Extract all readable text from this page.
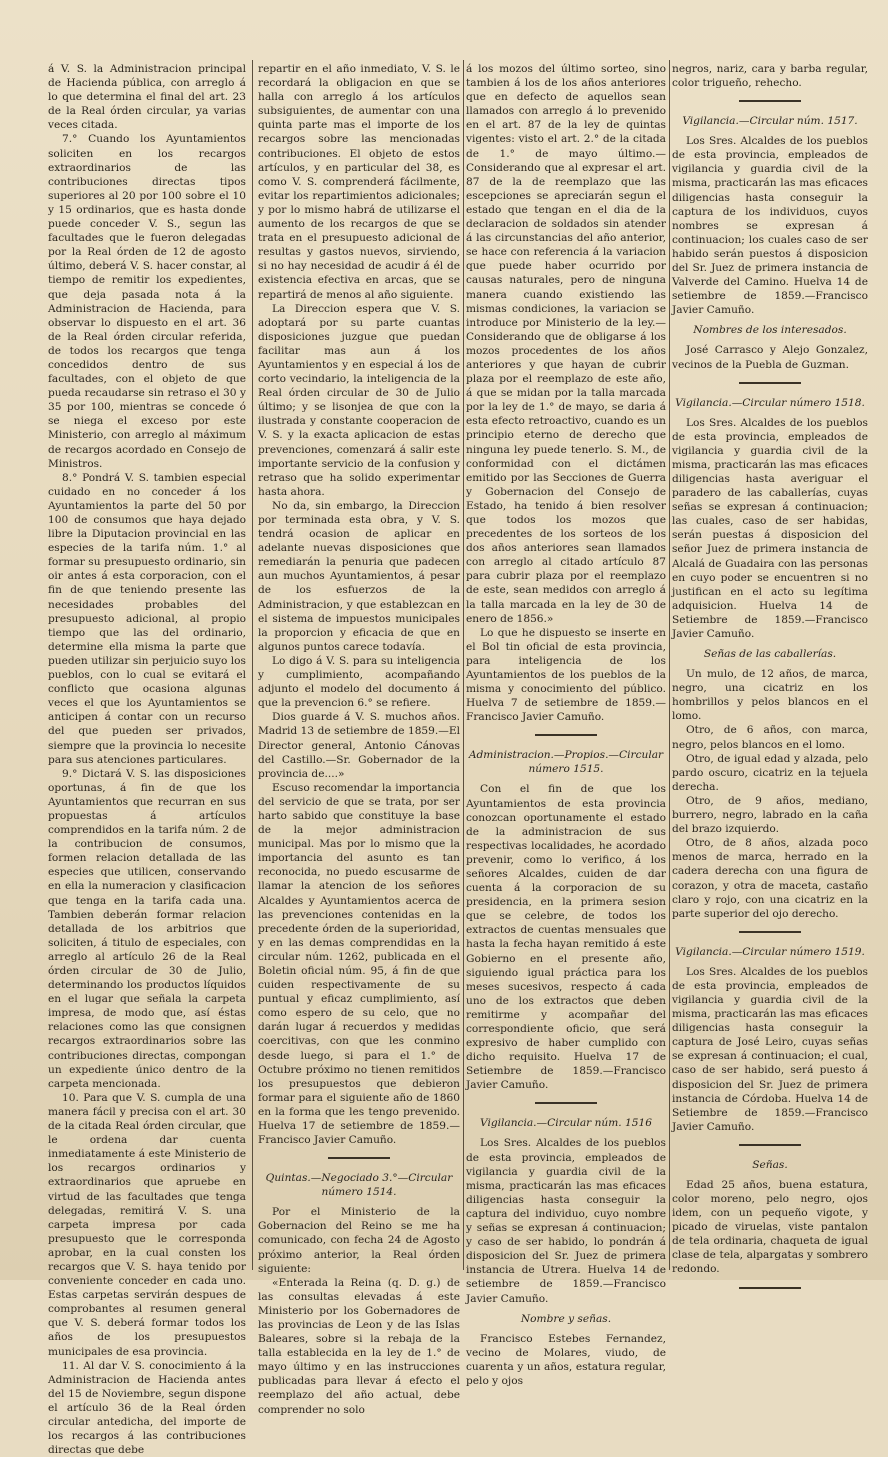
á V. S. la Administracion principal de Hacienda pública, con arreglo á lo que determina el final del art. 23 de la Real órden circular, ya varias veces citada.

7.° Cuando los Ayuntamientos soliciten en los recargos extraordinarios de las contribuciones directas tipos superiores al 20 por 100 sobre el 10 y 15 ordinarios, que es hasta donde puede conceder V. S., segun las facultades que le fueron delegadas por la Real órden de 12 de agosto último, deberá V. S. hacer constar, al tiempo de remitir los expedientes, que deja pasada nota á la Administracion de Hacienda, para observar lo dispuesto en el art. 36 de la Real órden circular referida, de todos los recargos que tenga concedidos dentro de sus facultades, con el objeto de que pueda recaudarse sin retraso el 30 y 35 por 100, mientras se concede ó se niega el exceso por este Ministerio, con arreglo al máximum de recargos acordado en Consejo de Ministros.

8.° Pondrá V. S. tambien especial cuidado en no conceder á los Ayuntamientos la parte del 50 por 100 de consumos que haya dejado libre la Diputacion provincial en las especies de la tarifa núm. 1.° al formar su presupuesto ordinario, sin oir antes á esta corporacion, con el fin de que teniendo presente las necesidades probables del presupuesto adicional, al propio tiempo que las del ordinario, determine ella misma la parte que pueden utilizar sin perjuicio suyo los pueblos, con lo cual se evitará el conflicto que ocasiona algunas veces el que los Ayuntamientos se anticipen á contar con un recurso del que pueden ser privados, siempre que la provincia lo necesite para sus atenciones particulares.

9.° Dictará V. S. las disposiciones oportunas, á fin de que los Ayuntamientos que recurran en sus propuestas á artículos comprendidos en la tarifa núm. 2 de la contribucion de consumos, formen relacion detallada de las especies que utilicen, conservando en ella la numeracion y clasificacion que tenga en la tarifa cada una. Tambien deberán formar relacion detallada de los arbitrios que soliciten, á titulo de especiales, con arreglo al artículo 26 de la Real órden circular de 30 de Julio, determinando los productos líquidos en el lugar que señala la carpeta impresa, de modo que, así éstas relaciones como las que consignen recargos extraordinarios sobre las contribuciones directas, compongan un expediente único dentro de la carpeta mencionada.

10. Para que V. S. cumpla de una manera fácil y precisa con el art. 30 de la citada Real órden circular, que le ordena dar cuenta inmediatamente á este Ministerio de los recargos ordinarios y extraordinarios que apruebe en virtud de las facultades que tenga delegadas, remitirá V. S. una carpeta impresa por cada presupuesto que le corresponda aprobar, en la cual consten los recargos que V. S. haya tenido por conveniente conceder en cada uno. Estas carpetas servirán despues de comprobantes al resumen general que V. S. deberá formar todos los años de los presupuestos municipales de esa provincia.

11. Al dar V. S. conocimiento á la Administracion de Hacienda antes del 15 de Noviembre, segun dispone el artículo 36 de la Real órden circular antedicha, del importe de los recargos á las contribuciones directas que debe

repartir en el año inmediato, V. S. le recordará la obligacion en que se halla con arreglo á los artículos subsiguientes, de aumentar con una quinta parte mas el importe de los recargos sobre las mencionadas contribuciones. El objeto de estos artículos, y en particular del 38, es como V. S. comprenderá fácilmente, evitar los repartimientos adicionales; y por lo mismo habrá de utilizarse el aumento de los recargos de que se trata en el presupuesto adicional de resultas y gastos nuevos, sirviendo, si no hay necesidad de acudir á él de existencia efectiva en arcas, que se repartirá de menos al año siguiente.

La Direccion espera que V. S. adoptará por su parte cuantas disposiciones juzgue que puedan facilitar mas aun á los Ayuntamientos y en especial á los de corto vecindario, la inteligencia de la Real órden circular de 30 de Julio último; y se lisonjea de que con la ilustrada y constante cooperacion de V. S. y la exacta aplicacion de estas prevenciones, comenzará á salir este importante servicio de la confusion y retraso que ha solido experimentar hasta ahora.

No da, sin embargo, la Direccion por terminada esta obra, y V. S. tendrá ocasion de aplicar en adelante nuevas disposiciones que remediarán la penuria que padecen aun muchos Ayuntamientos, á pesar de los esfuerzos de la Administracion, y que establezcan en el sistema de impuestos municipales la proporcion y eficacia de que en algunos puntos carece todavía.

Lo digo á V. S. para su inteligencia y cumplimiento, acompañando adjunto el modelo del documento á que la prevencion 6.° se refiere.

Dios guarde á V. S. muchos años. Madrid 13 de setiembre de 1859.—El Director general, Antonio Cánovas del Castillo.—Sr. Gobernador de la provincia de....»

Escuso recomendar la importancia del servicio de que se trata, por ser harto sabido que constituye la base de la mejor administracion municipal. Mas por lo mismo que la importancia del asunto es tan reconocida, no puedo escusarme de llamar la atencion de los señores Alcaldes y Ayuntamientos acerca de las prevenciones contenidas en la precedente órden de la superioridad, y en las demas comprendidas en la circular núm. 1262, publicada en el Boletin oficial núm. 95, á fin de que cuiden respectivamente de su puntual y eficaz cumplimiento, así como espero de su celo, que no darán lugar á recuerdos y medidas coercitivas, con que les conmino desde luego, si para el 1.° de Octubre próximo no tienen remitidos los presupuestos que debieron formar para el siguiente año de 1860 en la forma que les tengo prevenido. Huelva 17 de setiembre de 1859.—Francisco Javier Camuño.

Quintas.—Negociado 3.°—Circular número 1514.

Por el Ministerio de la Gobernacion del Reino se me ha comunicado, con fecha 24 de Agosto próximo anterior, la Real órden siguiente:

«Enterada la Reina (q. D. g.) de las consultas elevadas á este Ministerio por los Gobernadores de las provincias de Leon y de las Islas Baleares, sobre si la rebaja de la talla establecida en la ley de 1.° de mayo último y en las instrucciones publicadas para llevar á efecto el reemplazo del año actual, debe comprender no solo

á los mozos del último sorteo, sino tambien á los de los años anteriores que en defecto de aquellos sean llamados con arreglo á lo prevenido en el art. 87 de la ley de quintas vigentes: visto el art. 2.° de la citada de 1.° de mayo último.—Considerando que al expresar el art. 87 de la de reemplazo que las escepciones se apreciarán segun el estado que tengan en el dia de la declaracion de soldados sin atender á las circunstancias del año anterior, se hace con referencia á la variacion que puede haber ocurrido por causas naturales, pero de ninguna manera cuando existiendo las mismas condiciones, la variacion se introduce por Ministerio de la ley.—Considerando que de obligarse á los mozos procedentes de los años anteriores y que hayan de cubrir plaza por el reemplazo de este año, á que se midan por la talla marcada por la ley de 1.° de mayo, se daria á esta efecto retroactivo, cuando es un principio eterno de derecho que ninguna ley puede tenerlo. S. M., de conformidad con el dictámen emitido por las Secciones de Guerra y Gobernacion del Consejo de Estado, ha tenido á bien resolver que todos los mozos que precedentes de los sorteos de los dos años anteriores sean llamados con arreglo al citado artículo 87 para cubrir plaza por el reemplazo de este, sean medidos con arreglo á la talla marcada en la ley de 30 de enero de 1856.»

Lo que he dispuesto se inserte en el Bol tin oficial de esta provincia, para inteligencia de los Ayuntamientos de los pueblos de la misma y conocimiento del público. Huelva 7 de setiembre de 1859.—Francisco Javier Camuño.

Administracion.—Propios.—Circular número 1515.

Con el fin de que los Ayuntamientos de esta provincia conozcan oportunamente el estado de la administracion de sus respectivas localidades, he acordado prevenir, como lo verifico, á los señores Alcaldes, cuiden de dar cuenta á la corporacion de su presidencia, en la primera sesion que se celebre, de todos los extractos de cuentas mensuales que hasta la fecha hayan remitido á este Gobierno en el presente año, siguiendo igual práctica para los meses sucesivos, respecto á cada uno de los extractos que deben remitirme y acompañar del correspondiente oficio, que será expresivo de haber cumplido con dicho requisito. Huelva 17 de Setiembre de 1859.—Francisco Javier Camuño.

Vigilancia.—Circular núm. 1516

Los Sres. Alcaldes de los pueblos de esta provincia, empleados de vigilancia y guardia civil de la misma, practicarán las mas eficaces diligencias hasta conseguir la captura del individuo, cuyo nombre y señas se expresan á continuacion; y caso de ser habido, lo pondrán á disposicion del Sr. Juez de primera instancia de Utrera. Huelva 14 de setiembre de 1859.—Francisco Javier Camuño.

Nombre y señas.

Francisco Estebes Fernandez, vecino de Molares, viudo, de cuarenta y un años, estatura regular, pelo y ojos

negros, nariz, cara y barba regular, color trigueño, rehecho.

Vigilancia.—Circular núm. 1517.

Los Sres. Alcaldes de los pueblos de esta provincia, empleados de vigilancia y guardia civil de la misma, practicarán las mas eficaces diligencias hasta conseguir la captura de los individuos, cuyos nombres se expresan á continuacion; los cuales caso de ser habido serán puestos á disposicion del Sr. Juez de primera instancia de Valverde del Camino. Huelva 14 de setiembre de 1859.—Francisco Javier Camuño.

Nombres de los interesados.

José Carrasco y Alejo Gonzalez, vecinos de la Puebla de Guzman.

Vigilancia.—Circular número 1518.

Los Sres. Alcaldes de los pueblos de esta provincia, empleados de vigilancia y guardia civil de la misma, practicarán las mas eficaces diligencias hasta averiguar el paradero de las caballerías, cuyas señas se expresan á continuacion; las cuales, caso de ser habidas, serán puestas á disposicion del señor Juez de primera instancia de Alcalá de Guadaira con las personas en cuyo poder se encuentren si no justifican en el acto su legítima adquisicion. Huelva 14 de Setiembre de 1859.—Francisco Javier Camuño.

Señas de las caballerías.

Un mulo, de 12 años, de marca, negro, una cicatriz en los hombrillos y pelos blancos en el lomo.

Otro, de 6 años, con marca, negro, pelos blancos en el lomo.

Otro, de igual edad y alzada, pelo pardo oscuro, cicatriz en la tejuela derecha.

Otro, de 9 años, mediano, burrero, negro, labrado en la caña del brazo izquierdo.

Otro, de 8 años, alzada poco menos de marca, herrado en la cadera derecha con una figura de corazon, y otra de maceta, castaño claro y rojo, con una cicatriz en la parte superior del ojo derecho.

Vigilancia.—Circular número 1519.

Los Sres. Alcaldes de los pueblos de esta provincia, empleados de vigilancia y guardia civil de la misma, practicarán las mas eficaces diligencias hasta conseguir la captura de José Leiro, cuyas señas se expresan á continuacion; el cual, caso de ser habido, será puesto á disposicion del Sr. Juez de primera instancia de Córdoba. Huelva 14 de Setiembre de 1859.—Francisco Javier Camuño.

Señas.

Edad 25 años, buena estatura, color moreno, pelo negro, ojos idem, con un pequeño vigote, y picado de viruelas, viste pantalon de tela ordinaria, chaqueta de igual clase de tela, alpargatas y sombrero redondo.
